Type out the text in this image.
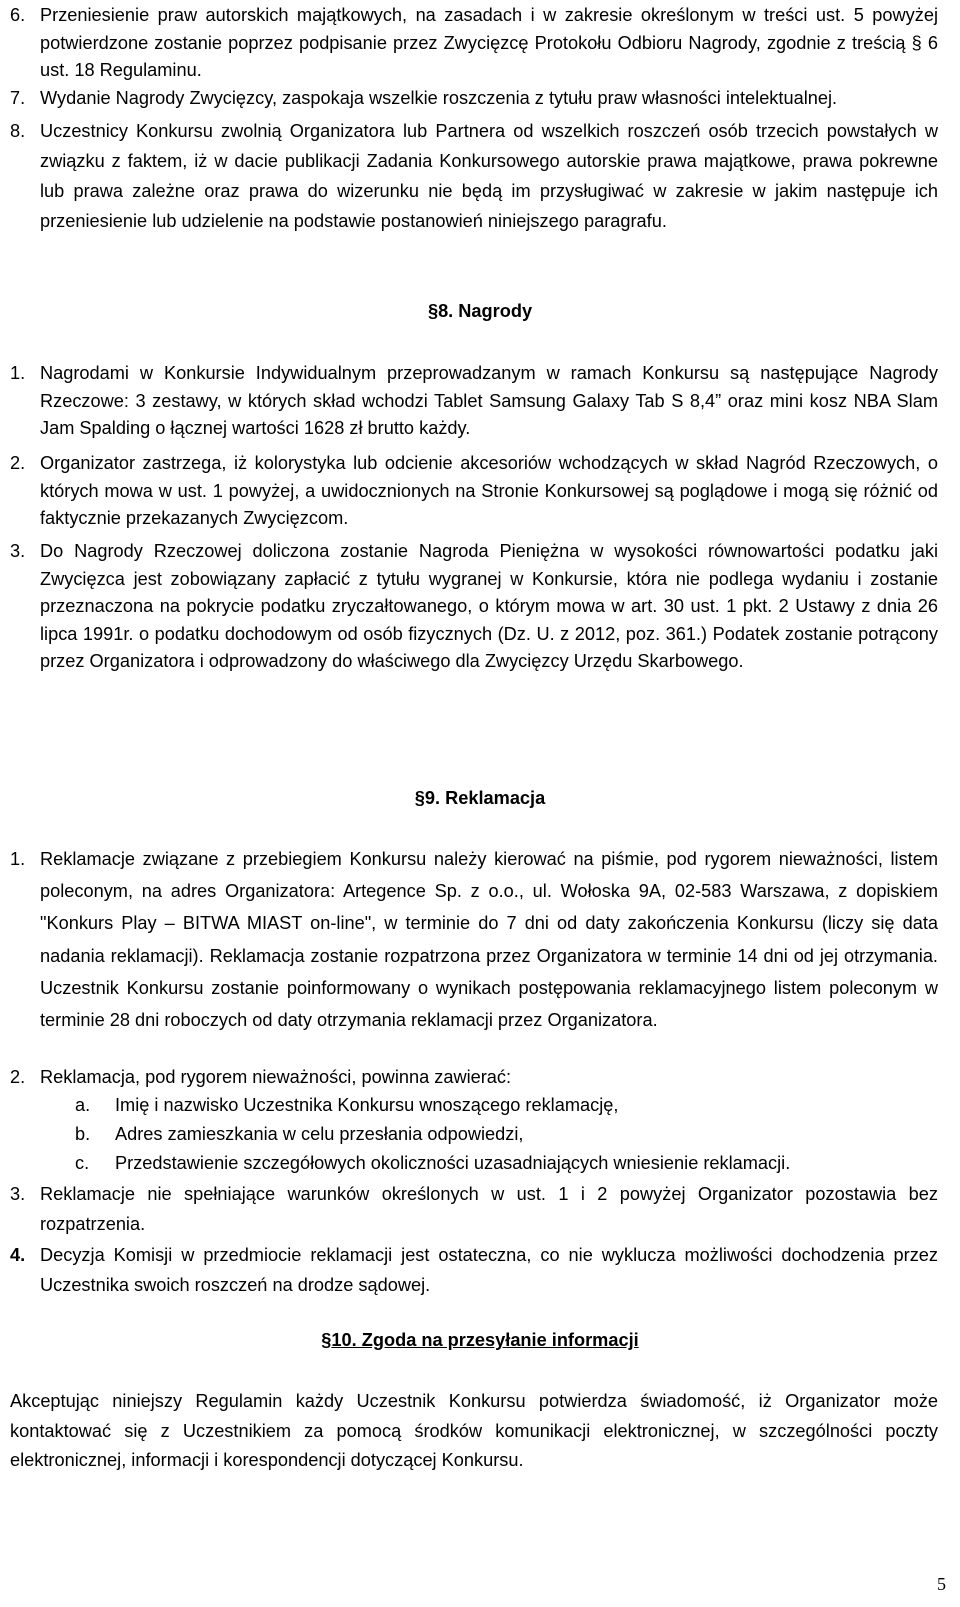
6. Przeniesienie praw autorskich majątkowych, na zasadach i w zakresie określonym w treści ust. 5 powyżej potwierdzone zostanie poprzez podpisanie przez Zwycięzcę Protokołu Odbioru Nagrody, zgodnie z treścią § 6 ust. 18 Regulaminu.
7. Wydanie Nagrody Zwycięzcy, zaspokaja wszelkie roszczenia z tytułu praw własności intelektualnej.
8. Uczestnicy Konkursu zwolnią Organizatora lub Partnera od wszelkich roszczeń osób trzecich powstałych w związku z faktem, iż w dacie publikacji Zadania Konkursowego autorskie prawa majątkowe, prawa pokrewne lub prawa zależne oraz prawa do wizerunku nie będą im przysługiwać w zakresie w jakim następuje ich przeniesienie lub udzielenie na podstawie postanowień niniejszego paragrafu.
§8. Nagrody
1. Nagrodami w Konkursie Indywidualnym przeprowadzanym w ramach Konkursu są następujące Nagrody Rzeczowe: 3 zestawy, w których skład wchodzi Tablet Samsung Galaxy Tab S 8,4” oraz mini kosz NBA Slam Jam Spalding o łącznej wartości 1628 zł brutto każdy.
2. Organizator zastrzega, iż kolorystyka lub odcienie akcesoriów wchodzących w skład Nagród Rzeczowych, o których mowa w ust. 1 powyżej, a uwidocznionych na Stronie Konkursowej są poglądowe i mogą się różnić od faktycznie przekazanych Zwycięzcom.
3. Do Nagrody Rzeczowej doliczona zostanie Nagroda Pieniężna w wysokości równowartości podatku jaki Zwycięzca jest zobowiązany zapłacić z tytułu wygranej w Konkursie, która nie podlega wydaniu i zostanie przeznaczona na pokrycie podatku zryczałtowanego, o którym mowa w art. 30 ust. 1 pkt. 2 Ustawy z dnia 26 lipca 1991r. o podatku dochodowym od osób fizycznych (Dz. U. z 2012, poz. 361.) Podatek zostanie potrącony przez Organizatora i odprowadzony do właściwego dla Zwycięzcy Urzędu Skarbowego.
§9. Reklamacja
1. Reklamacje związane z przebiegiem Konkursu należy kierować na piśmie, pod rygorem nieważności, listem poleconym, na adres Organizatora: Artegence Sp. z o.o., ul. Wołoska 9A, 02-583 Warszawa, z dopiskiem "Konkurs Play – BITWA MIAST on-line", w terminie do 7 dni od daty zakończenia Konkursu (liczy się data nadania reklamacji). Reklamacja zostanie rozpatrzona przez Organizatora w terminie 14 dni od jej otrzymania. Uczestnik Konkursu zostanie poinformowany o wynikach postępowania reklamacyjnego listem poleconym w terminie 28 dni roboczych od daty otrzymania reklamacji przez Organizatora.
2. Reklamacja, pod rygorem nieważności, powinna zawierać:
a. Imię i nazwisko Uczestnika Konkursu wnoszącego reklamację,
b. Adres zamieszkania w celu przesłania odpowiedzi,
c. Przedstawienie szczegółowych okoliczności uzasadniających wniesienie reklamacji.
3. Reklamacje nie spełniające warunków określonych w ust. 1 i 2 powyżej Organizator pozostawia bez rozpatrzenia.
4. Decyzja Komisji w przedmiocie reklamacji jest ostateczna, co nie wyklucza możliwości dochodzenia przez Uczestnika swoich roszczeń na drodze sądowej.
§10. Zgoda na przesyłanie informacji
Akceptując niniejszy Regulamin każdy Uczestnik Konkursu potwierdza świadomość, iż Organizator może kontaktować się z Uczestnikiem za pomocą środków komunikacji elektronicznej, w szczególności poczty elektronicznej, informacji i korespondencji dotyczącej Konkursu.
5
